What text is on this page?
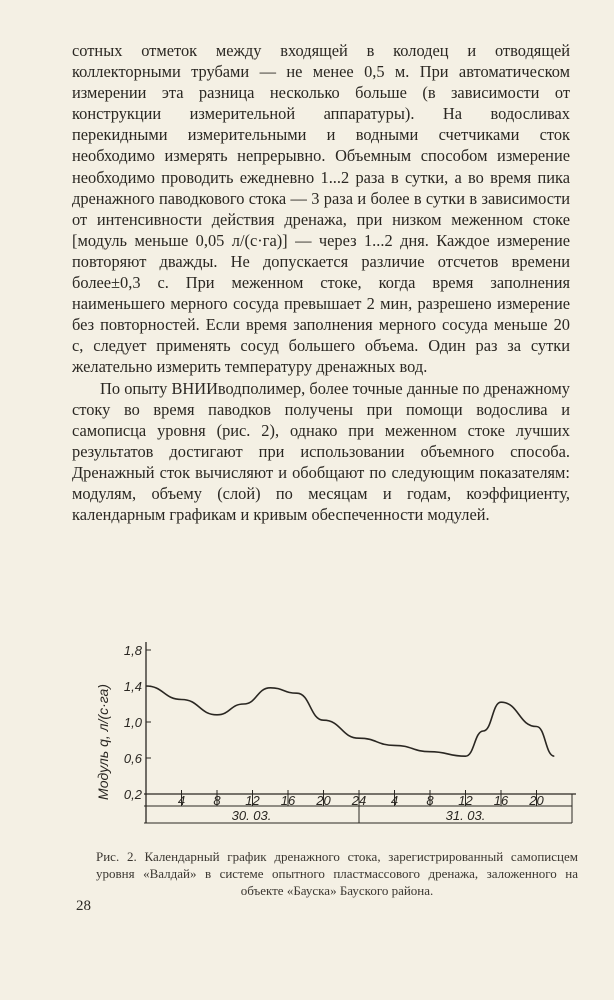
сотных отметок между входящей в колодец и отводящей коллекторными трубами — не менее 0,5 м. При автоматическом измерении эта разница несколько больше (в зависимости от конструкции измерительной аппаратуры). На водосливах перекидными измерительными и водными счетчиками сток необходимо измерять непрерывно. Объемным способом измерение необходимо проводить ежедневно 1...2 раза в сутки, а во время пика дренажного паводкового стока — 3 раза и более в сутки в зависимости от интенсивности действия дренажа, при низком меженном стоке [модуль меньше 0,05 л/(с·га)] — через 1...2 дня. Каждое измерение повторяют дважды. Не допускается различие отсчетов времени более±0,3 с. При меженном стоке, когда время заполнения наименьшего мерного сосуда превышает 2 мин, разрешено измерение без повторностей. Если время заполнения мерного сосуда меньше 20 с, следует применять сосуд большего объема. Один раз за сутки желательно измерить температуру дренажных вод.

По опыту ВНИИводполимер, более точные данные по дренажному стоку во время паводков получены при помощи водослива и самописца уровня (рис. 2), однако при меженном стоке лучших результатов достигают при использовании объемного способа. Дренажный сток вычисляют и обобщают по следующим показателям: модулям, объему (слой) по месяцам и годам, коэффициенту, календарным графикам и кривым обеспеченности модулей.

1,8
1,4
1,0
0,6
0,2	4 8 12 16 20 24 4 8 12 16 20
30. 03.	31. 03.
Модуль q, л/(с·га)
Рис. 2. Календарный график дренажного стока, зарегистрированный самописцем уровня «Валдай» в системе опытного пластмассового дренажа, заложенного на объекте «Бауска» Бауского района.
28
